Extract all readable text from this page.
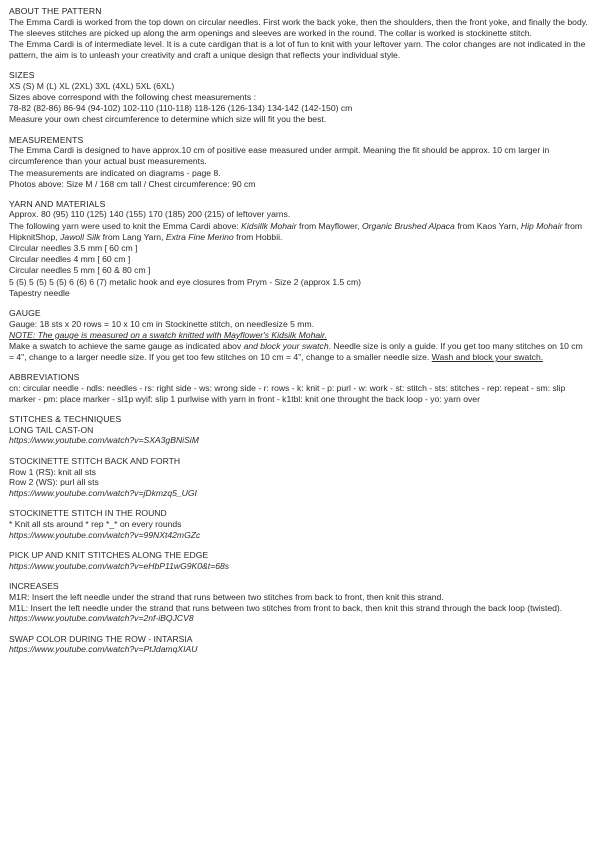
ABOUT THE PATTERN
The Emma Cardi is worked from the top down on circular needles. First work the back yoke, then the shoulders, then the front yoke, and finally the body. The sleeves stitches are picked up along the arm openings and sleeves are worked in the round. The collar is worked is stockinette stitch.
The Emma Cardi is of intermediate level. It is a cute cardigan that is a lot of fun to knit with your leftover yarn. The color changes are not indicated in the pattern, the aim is to unleash your creativity and craft a unique design that reflects your individual style.
SIZES
XS (S) M (L) XL (2XL) 3XL (4XL) 5XL (6XL)
Sizes above correspond with the following chest measurements :
78-82 (82-86) 86-94 (94-102) 102-110 (110-118) 118-126 (126-134) 134-142 (142-150) cm
Measure your own chest circumference to determine which size will fit you the best.
MEASUREMENTS
The Emma Cardi is designed to have approx.10 cm of positive ease measured under armpit. Meaning the fit should be approx. 10 cm larger in circumference than your actual bust measurements.
The measurements are indicated on diagrams - page 8.
Photos above: Size M / 168 cm tall / Chest circumference: 90 cm
YARN AND MATERIALS
Approx. 80 (95) 110 (125) 140 (155) 170 (185) 200 (215) of leftover yarns.
The following yarn were used to knit the Emma Cardi above: Kidsillk Mohair from Mayflower, Organic Brushed Alpaca from Kaos Yarn, Hip Mohair from HipknitShop, Jawoll Silk from Lang Yarn, Extra Fine Merino from Hobbii.
Circular needles 3.5 mm [ 60 cm ]
Circular needles 4 mm [ 60 cm ]
Circular needles 5 mm [ 60 & 80 cm ]
5 (5) 5 (5) 5 (5) 6 (6) 6 (7) metalic hook and eye closures from Prym - Size 2 (approx 1.5 cm)
Tapestry needle
GAUGE
Gauge: 18 sts x 20 rows = 10 x 10 cm in Stockinette stitch, on needlesize 5 mm.
NOTE: The gauge is measured on a swatch knitted with Mayflower's Kidsilk Mohair.
Make a swatch to achieve the same gauge as indicated abov and block your swatch. Needle size is only a guide. If you get too many stitches on 10 cm = 4", change to a larger needle size. If you get too few stitches on 10 cm = 4", change to a smaller needle size. Wash and block your swatch.
ABBREVIATIONS
cn: circular needle - ndls: needles - rs: right side - ws: wrong side - r: rows - k: knit - p: purl - w: work - st: stitch - sts: stitches - rep: repeat - sm: slip marker - pm: place marker - sl1p wyif: slip 1 purlwise with yarn in front - k1tbl: knit one throught the back loop - yo: yarn over
STITCHES & TECHNIQUES
LONG TAIL CAST-ON
https://www.youtube.com/watch?v=SXA3gBNiSiM
STOCKINETTE STITCH BACK AND FORTH
Row 1 (RS): knit all sts
Row 2 (WS): purl all sts
https://www.youtube.com/watch?v=jDkmzq5_UGI
STOCKINETTE STITCH IN THE ROUND
* Knit all sts around * rep *_* on every rounds
https://www.youtube.com/watch?v=99NXt42mGZc
PICK UP AND KNIT STITCHES ALONG THE EDGE
https://www.youtube.com/watch?v=eHbP11wG9K0&t=68s
INCREASES
M1R: Insert the left needle under the strand that runs between two stitches from back to front, then knit this strand.
M1L: Insert the left needle under the strand that runs between two stitches from front to back, then knit this strand through the back loop (twisted).
https://www.youtube.com/watch?v=2nf-iBQJCV8
SWAP COLOR DURING THE ROW - INTARSIA
https://www.youtube.com/watch?v=PtJdamqXIAU
